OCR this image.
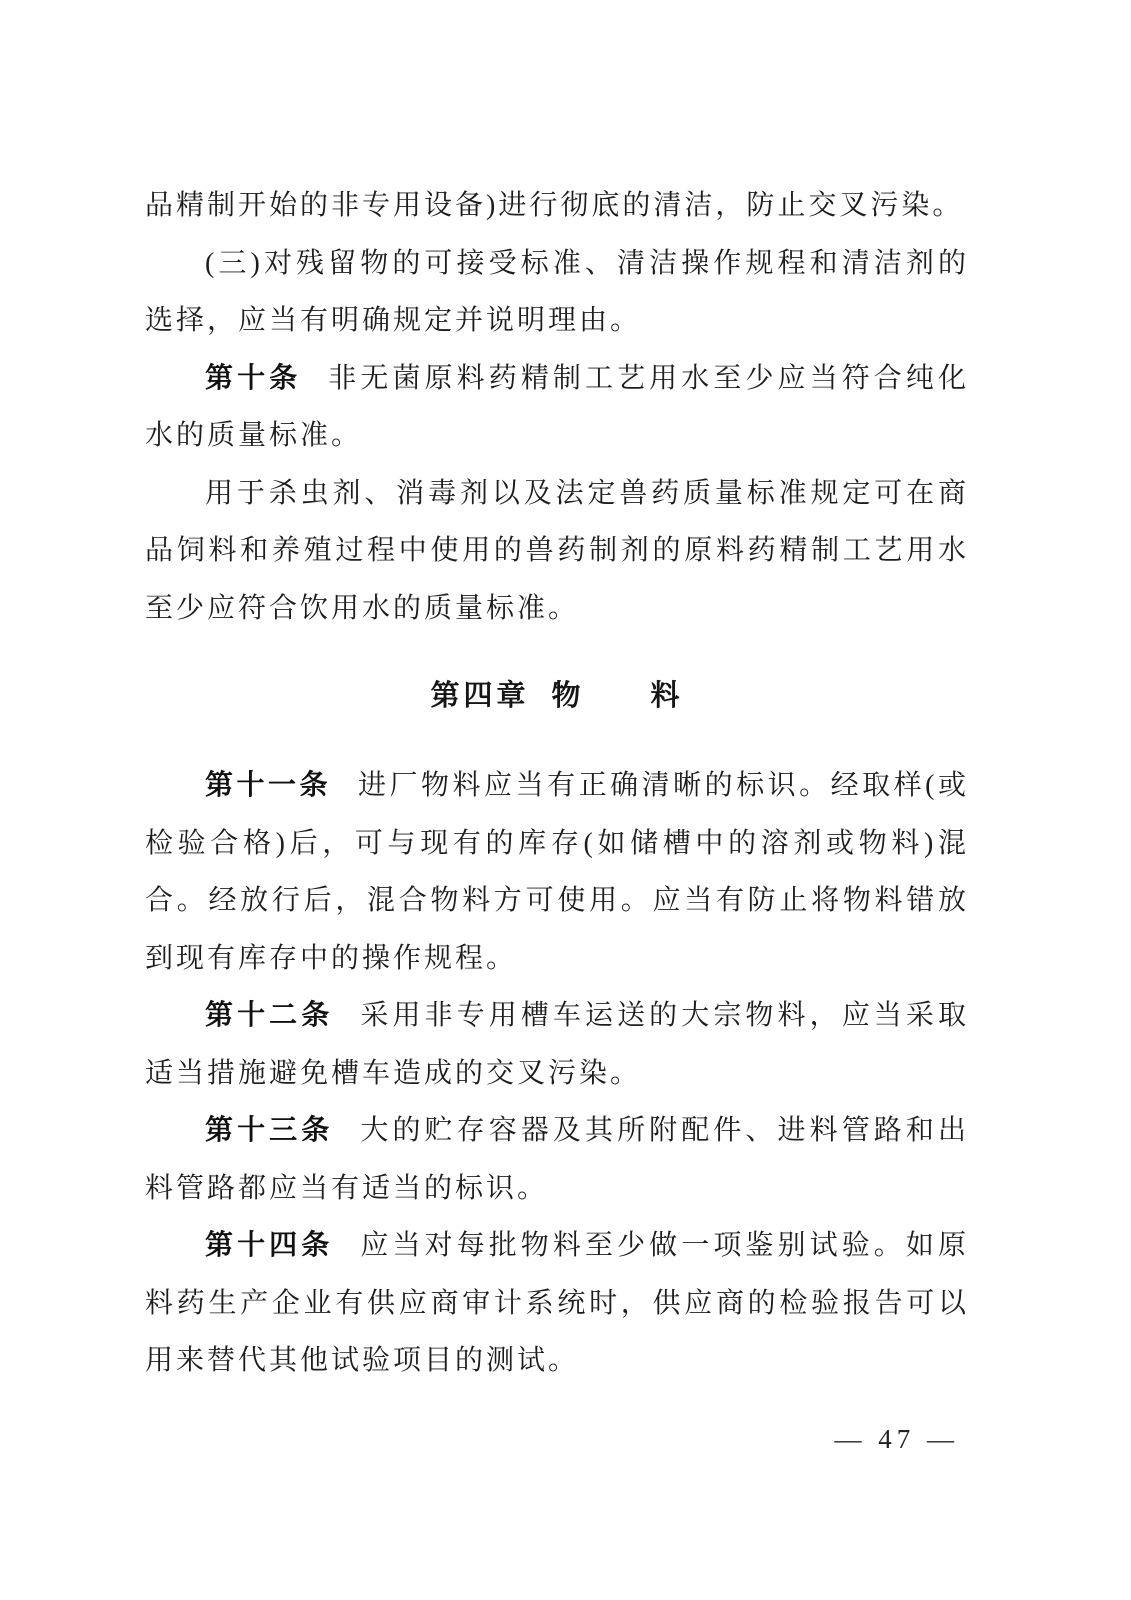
品精制开始的非专用设备)进行彻底的清洁，防止交叉污染。

(三)对残留物的可接受标准、清洁操作规程和清洁剂的选择，应当有明确规定并说明理由。

第十条 非无菌原料药精制工艺用水至少应当符合纯化水的质量标准。

用于杀虫剂、消毒剂以及法定兽药质量标准规定可在商品饲料和养殖过程中使用的兽药制剂的原料药精制工艺用水至少应符合饮用水的质量标准。

第四章 物　　料

第十一条 进厂物料应当有正确清晰的标识。经取样(或检验合格)后，可与现有的库存(如储槽中的溶剂或物料)混合。经放行后，混合物料方可使用。应当有防止将物料错放到现有库存中的操作规程。

第十二条 采用非专用槽车运送的大宗物料，应当采取适当措施避免槽车造成的交叉污染。

第十三条 大的贮存容器及其所附配件、进料管路和出料管路都应当有适当的标识。

第十四条 应当对每批物料至少做一项鉴别试验。如原料药生产企业有供应商审计系统时，供应商的检验报告可以用来替代其他试验项目的测试。

— 47 —
